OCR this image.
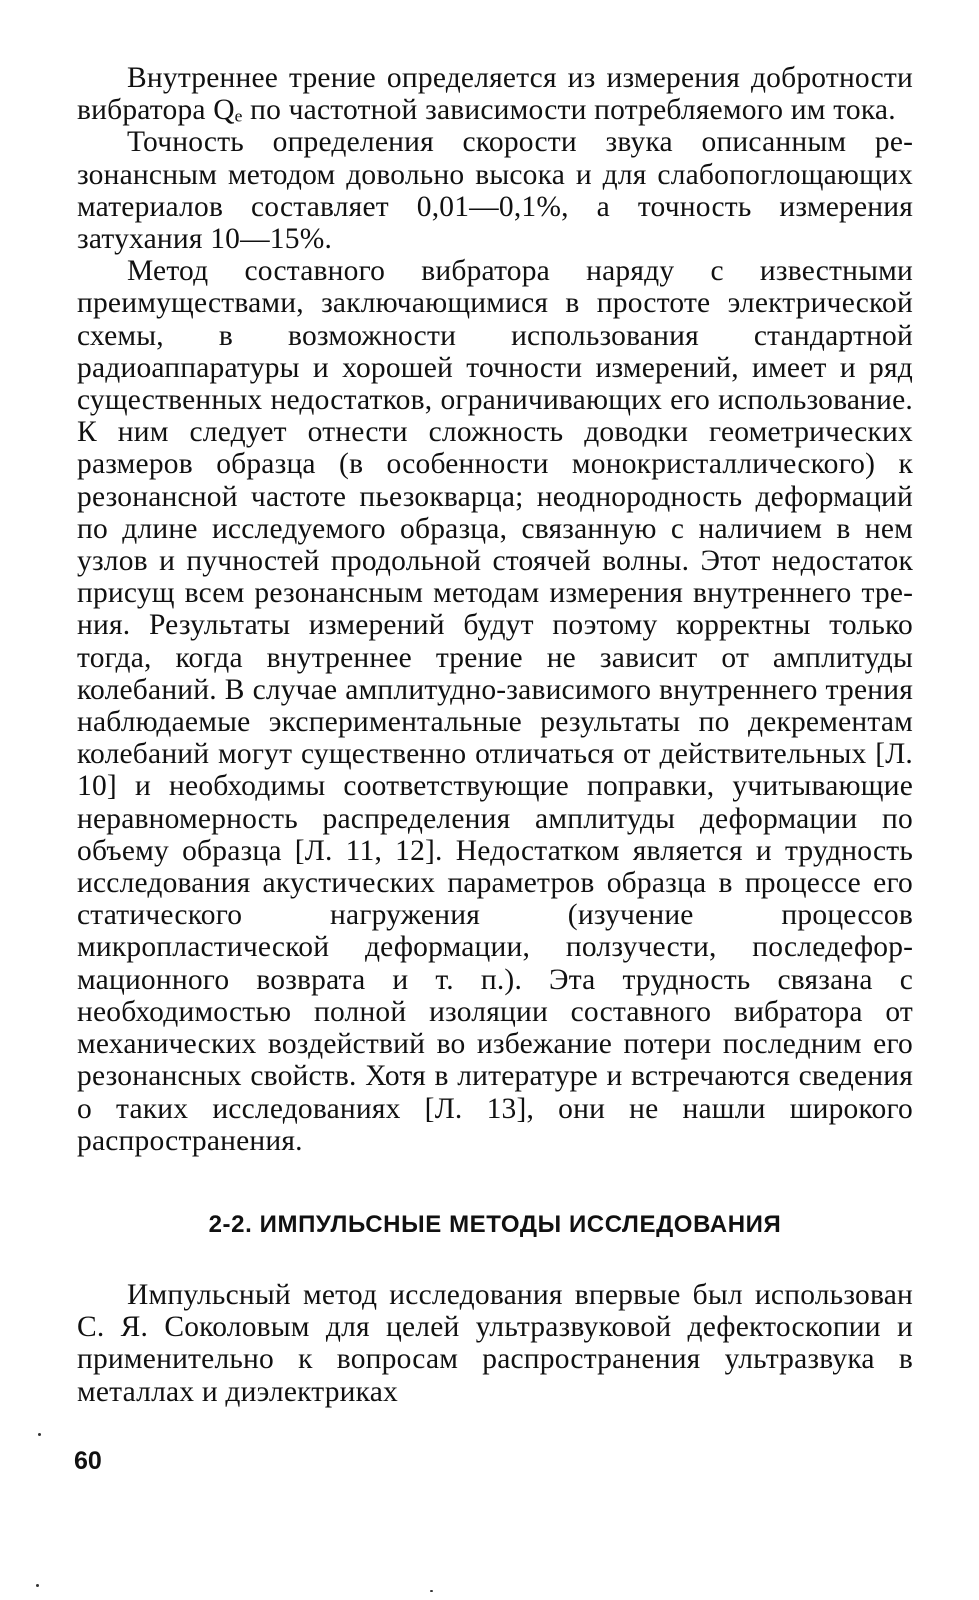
Внутреннее трение определяется из измерения добротности вибратора Qₑ по частотной зависимости потребляемого им тока.

Точность определения скорости звука описанным резонансным методом довольно высока и для слабопоглощающих материалов составляет 0,01—0,1%, а точность измерения затухания 10—15%.

Метод составного вибратора наряду с известными преимуществами, заключающимися в простоте электрической схемы, в возможности использования стандартной радиоаппаратуры и хорошей точности измерений, имеет и ряд существенных недостатков, ограничивающих его использование. К ним следует отнести сложность доводки геометрических размеров образца (в особенности монокристаллического) к резонансной частоте пьезокварца; неоднородность деформаций по длине исследуемого образца, связанную с наличием в нем узлов и пучностей продольной стоячей волны. Этот недостаток присущ всем резонансным методам измерения внутреннего трения. Результаты измерений будут поэтому корректны только тогда, когда внутреннее трение не зависит от амплитуды колебаний. В случае амплитудно-зависимого внутреннего трения наблюдаемые экспериментальные результаты по декрементам колебаний могут существенно отличаться от действительных [Л. 10] и необходимы соответствующие поправки, учитывающие неравномерность распределения амплитуды деформации по объему образца [Л. 11, 12]. Недостатком является и трудность исследования акустических параметров образца в процессе его статического нагружения (изучение процессов микропластической деформации, ползучести, последеформационного возврата и т. п.). Эта трудность связана с необходимостью полной изоляции составного вибратора от механических воздействий во избежание потери последним его резонансных свойств. Хотя в литературе и встречаются сведения о таких исследованиях [Л. 13], они не нашли широкого распространения.

2-2. ИМПУЛЬСНЫЕ МЕТОДЫ ИССЛЕДОВАНИЯ

Импульсный метод исследования впервые был использован С. Я. Соколовым для целей ультразвуковой дефектоскопии и применительно к вопросам распространения ультразвука в металлах и диэлектриках

60
